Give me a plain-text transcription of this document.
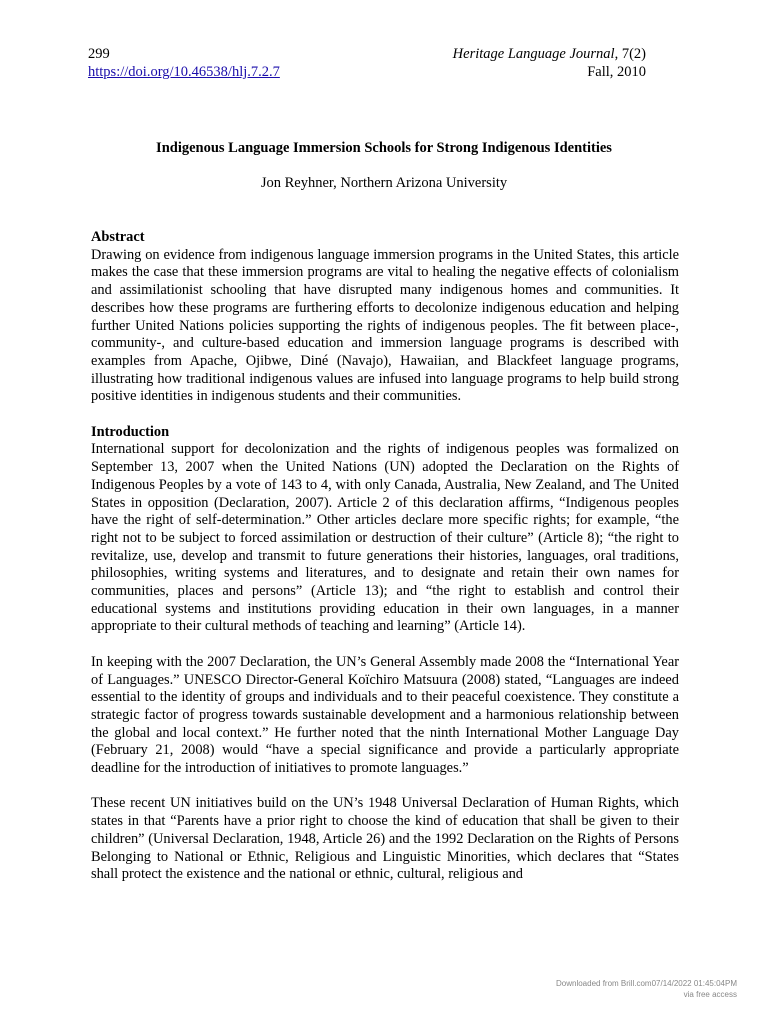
299
https://doi.org/10.46538/hlj.7.2.7
Heritage Language Journal, 7(2)
Fall, 2010
Indigenous Language Immersion Schools for Strong Indigenous Identities
Jon Reyhner, Northern Arizona University
Abstract

Drawing on evidence from indigenous language immersion programs in the United States, this article makes the case that these immersion programs are vital to healing the negative effects of colonialism and assimilationist schooling that have disrupted many indigenous homes and communities. It describes how these programs are furthering efforts to decolonize indigenous education and helping further United Nations policies supporting the rights of indigenous peoples. The fit between place-, community-, and culture-based education and immersion language programs is described with examples from Apache, Ojibwe, Diné (Navajo), Hawaiian, and Blackfeet language programs, illustrating how traditional indigenous values are infused into language programs to help build strong positive identities in indigenous students and their communities.

Introduction

International support for decolonization and the rights of indigenous peoples was formalized on September 13, 2007 when the United Nations (UN) adopted the Declaration on the Rights of Indigenous Peoples by a vote of 143 to 4, with only Canada, Australia, New Zealand, and The United States in opposition (Declaration, 2007). Article 2 of this declaration affirms, “Indigenous peoples have the right of self-determination.” Other articles declare more specific rights; for example, “the right not to be subject to forced assimilation or destruction of their culture” (Article 8); “the right to revitalize, use, develop and transmit to future generations their histories, languages, oral traditions, philosophies, writing systems and literatures, and to designate and retain their own names for communities, places and persons” (Article 13); and “the right to establish and control their educational systems and institutions providing education in their own languages, in a manner appropriate to their cultural methods of teaching and learning” (Article 14).

In keeping with the 2007 Declaration, the UN’s General Assembly made 2008 the “International Year of Languages.” UNESCO Director-General Koïchiro Matsuura (2008) stated, “Languages are indeed essential to the identity of groups and individuals and to their peaceful coexistence. They constitute a strategic factor of progress towards sustainable development and a harmonious relationship between the global and local context.” He further noted that the ninth International Mother Language Day (February 21, 2008) would “have a special significance and provide a particularly appropriate deadline for the introduction of initiatives to promote languages.”

These recent UN initiatives build on the UN’s 1948 Universal Declaration of Human Rights, which states in that “Parents have a prior right to choose the kind of education that shall be given to their children” (Universal Declaration, 1948, Article 26) and the 1992 Declaration on the Rights of Persons Belonging to National or Ethnic, Religious and Linguistic Minorities, which declares that “States shall protect the existence and the national or ethnic, cultural, religious and

Downloaded from Brill.com07/14/2022 01:45:04PM
via free access
